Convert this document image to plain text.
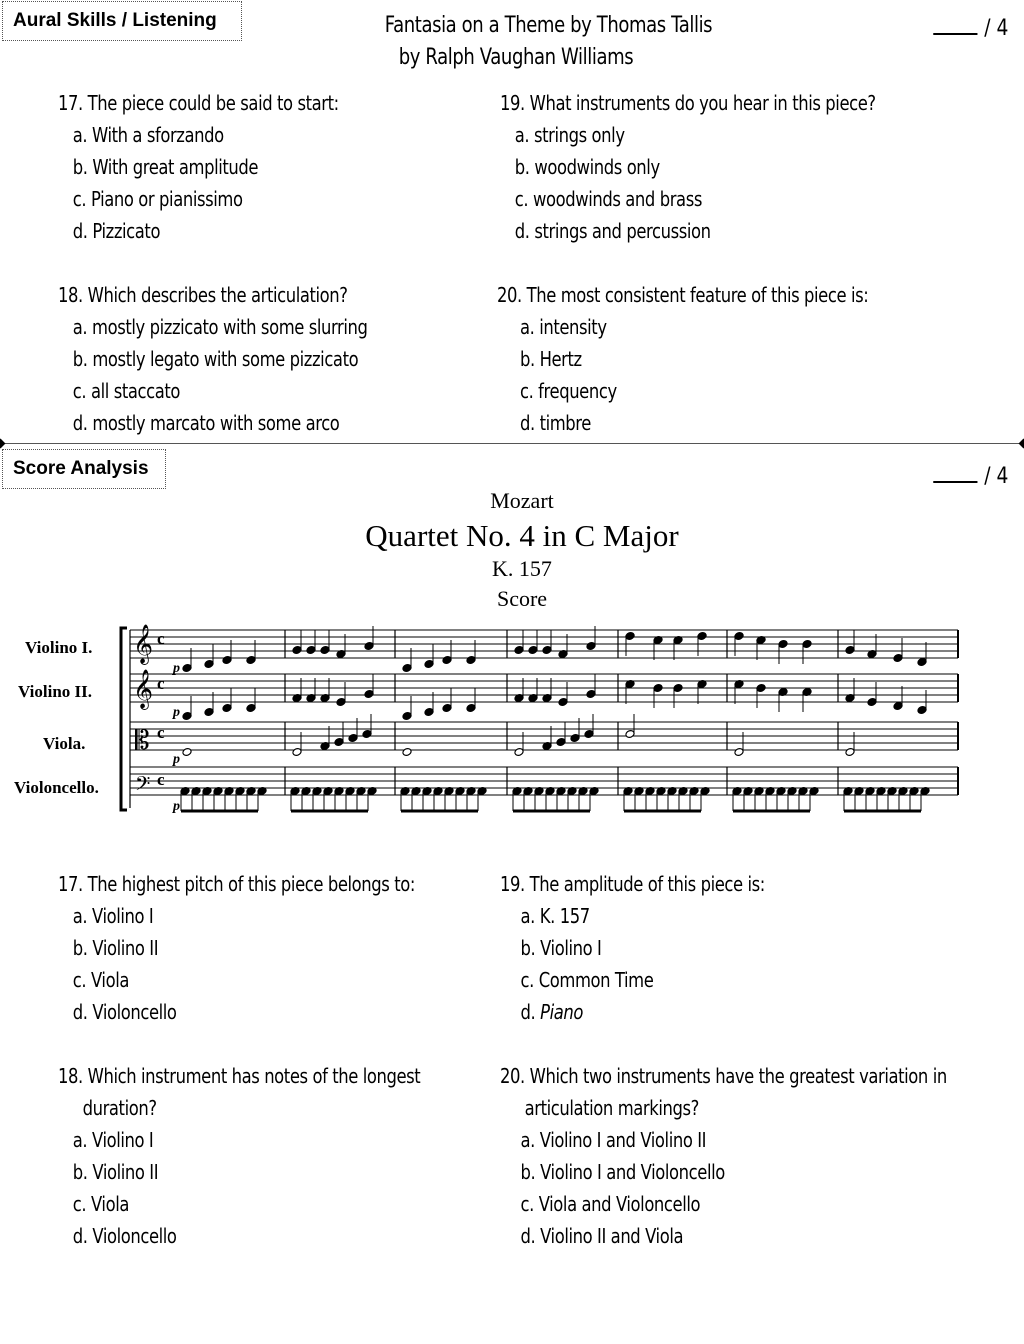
Aural Skills / Listening	Fantasia on a Theme by Thomas Tallis
by Ralph Vaughan Williams
/ 4
17. The piece could be said to start:
a. With a sforzando
b. With great amplitude
c. Piano or pianissimo
d. Pizzicato
18. Which describes the articulation?
a. mostly pizzicato with some slurring
b. mostly legato with some pizzicato
c. all staccato
d. mostly marcato with some arco
19. What instruments do you hear in this piece?
a. strings only
b. woodwinds only
c. woodwinds and brass
d. strings and percussion
20. The most consistent feature of this piece is:
a. intensity
b. Hertz
c. frequency
d. timbre
Score Analysis	/ 4
Mozart
Quartet No. 4 in C Major
K. 157
Score
Violino I.
Violino II.
Viola.
Violoncello.
𝄞
𝄞
𝄡
𝄢
c
c
c
c
p
p
p
p
17. The highest pitch of this piece belongs to:
a. Violino I
b. Violino II
c. Viola
d. Violoncello
18. Which instrument has notes of the longest
duration?
a. Violino I
b. Violino II
c. Viola
d. Violoncello
19. The amplitude of this piece is:
a. K. 157
b. Violino I
c. Common Time
d. Piano
20. Which two instruments have the greatest variation in
articulation markings?
a. Violino I and Violino II
b. Violino I and Violoncello
c. Viola and Violoncello
d. Violino II and Viola
